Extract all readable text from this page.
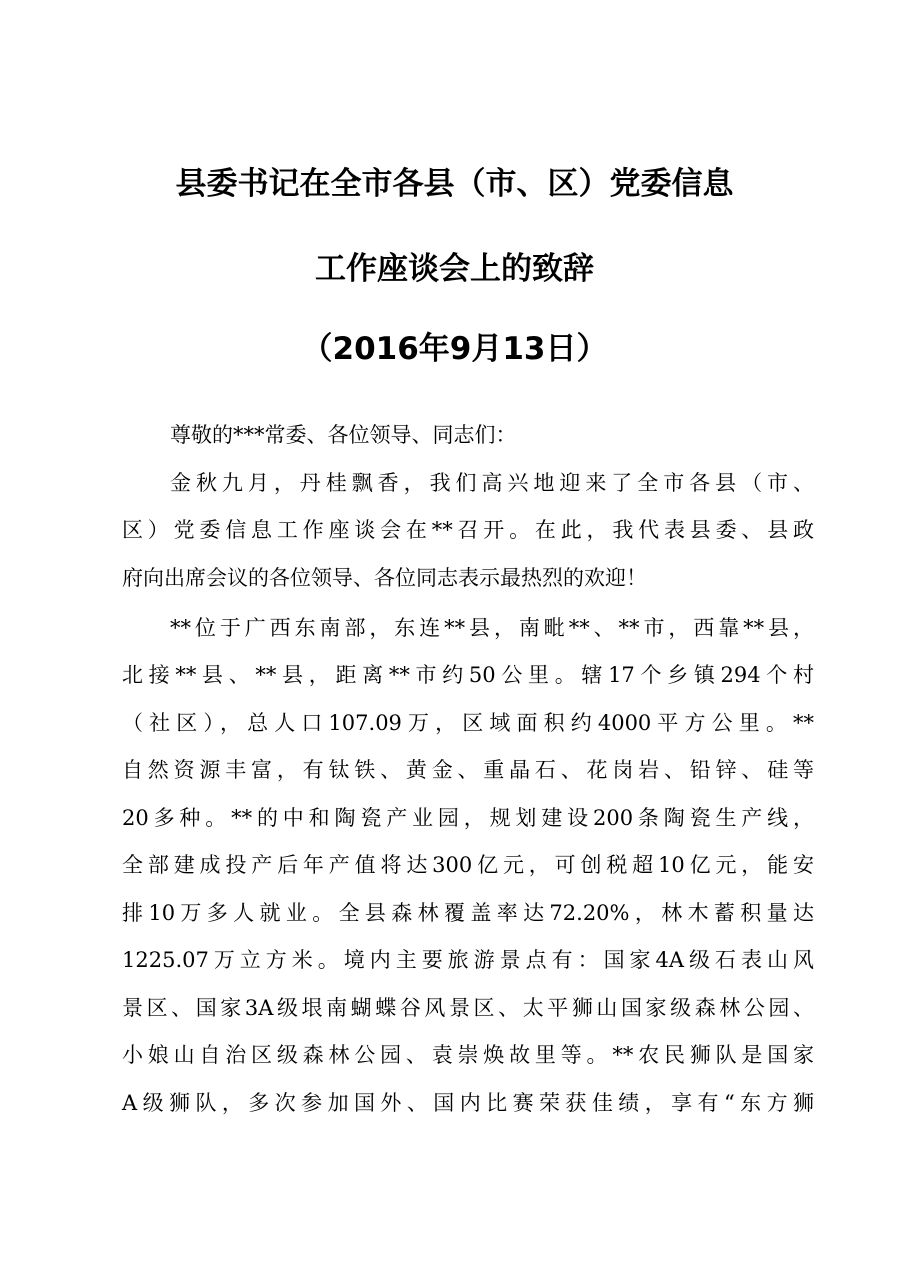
县委书记在全市各县（市、区）党委信息
工作座谈会上的致辞
（2016年9月13日）
尊敬的***常委、各位领导、同志们：
金秋九月，丹桂飘香，我们高兴地迎来了全市各县（市、
区）党委信息工作座谈会在**召开。在此，我代表县委、县政
府向出席会议的各位领导、各位同志表示最热烈的欢迎！
**位于广西东南部，东连**县，南毗**、**市，西靠**县，
北接**县、**县，距离**市约50公里。辖17个乡镇294个村
（社区），总人口107.09万，区域面积约4000平方公里。**
自然资源丰富，有钛铁、黄金、重晶石、花岗岩、铅锌、硅等
20多种。**的中和陶瓷产业园，规划建设200条陶瓷生产线，
全部建成投产后年产值将达300亿元，可创税超10亿元，能安
排10万多人就业。全县森林覆盖率达72.20%，林木蓄积量达
1225.07万立方米。境内主要旅游景点有：国家4A级石表山风
景区、国家3A级垠南蝴蝶谷风景区、太平狮山国家级森林公园、
小娘山自治区级森林公园、袁崇焕故里等。**农民狮队是国家
A级狮队，多次参加国外、国内比赛荣获佳绩，享有“东方狮
